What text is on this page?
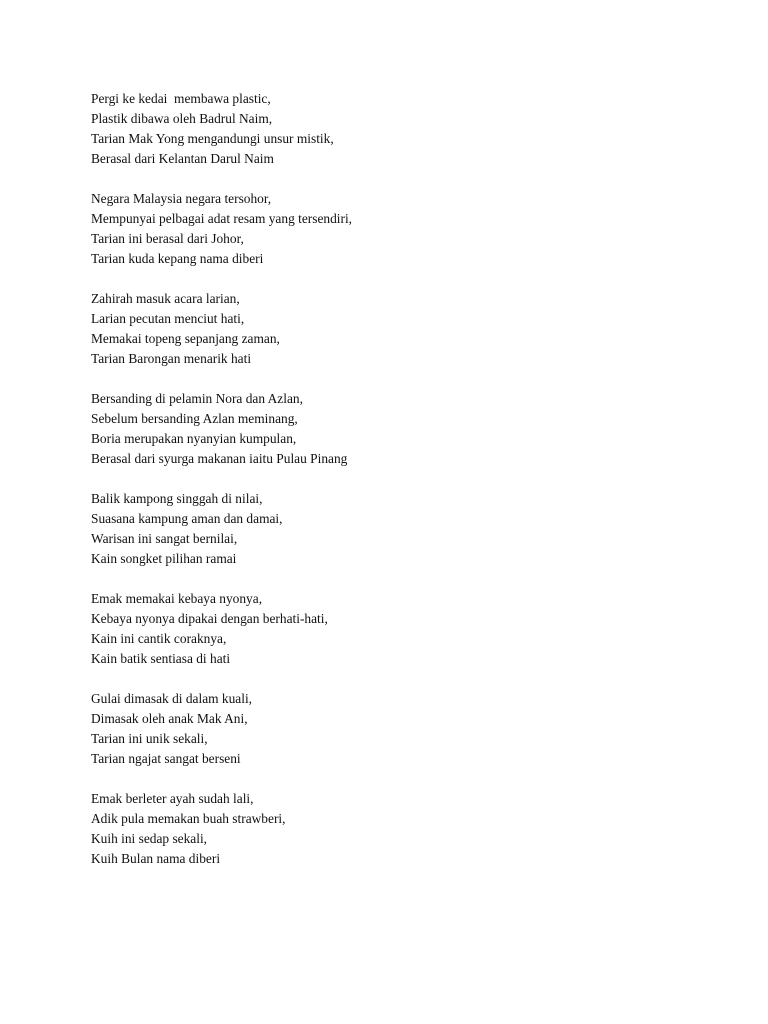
Pergi ke kedai  membawa plastic,
Plastik dibawa oleh Badrul Naim,
Tarian Mak Yong mengandungi unsur mistik,
Berasal dari Kelantan Darul Naim
Negara Malaysia negara tersohor,
Mempunyai pelbagai adat resam yang tersendiri,
Tarian ini berasal dari Johor,
Tarian kuda kepang nama diberi
Zahirah masuk acara larian,
Larian pecutan menciut hati,
Memakai topeng sepanjang zaman,
Tarian Barongan menarik hati
Bersanding di pelamin Nora dan Azlan,
Sebelum bersanding Azlan meminang,
Boria merupakan nyanyian kumpulan,
Berasal dari syurga makanan iaitu Pulau Pinang
Balik kampong singgah di nilai,
Suasana kampung aman dan damai,
Warisan ini sangat bernilai,
Kain songket pilihan ramai
Emak memakai kebaya nyonya,
Kebaya nyonya dipakai dengan berhati-hati,
Kain ini cantik coraknya,
Kain batik sentiasa di hati
Gulai dimasak di dalam kuali,
Dimasak oleh anak Mak Ani,
Tarian ini unik sekali,
Tarian ngajat sangat berseni
Emak berleter ayah sudah lali,
Adik pula memakan buah strawberi,
Kuih ini sedap sekali,
Kuih Bulan nama diberi
